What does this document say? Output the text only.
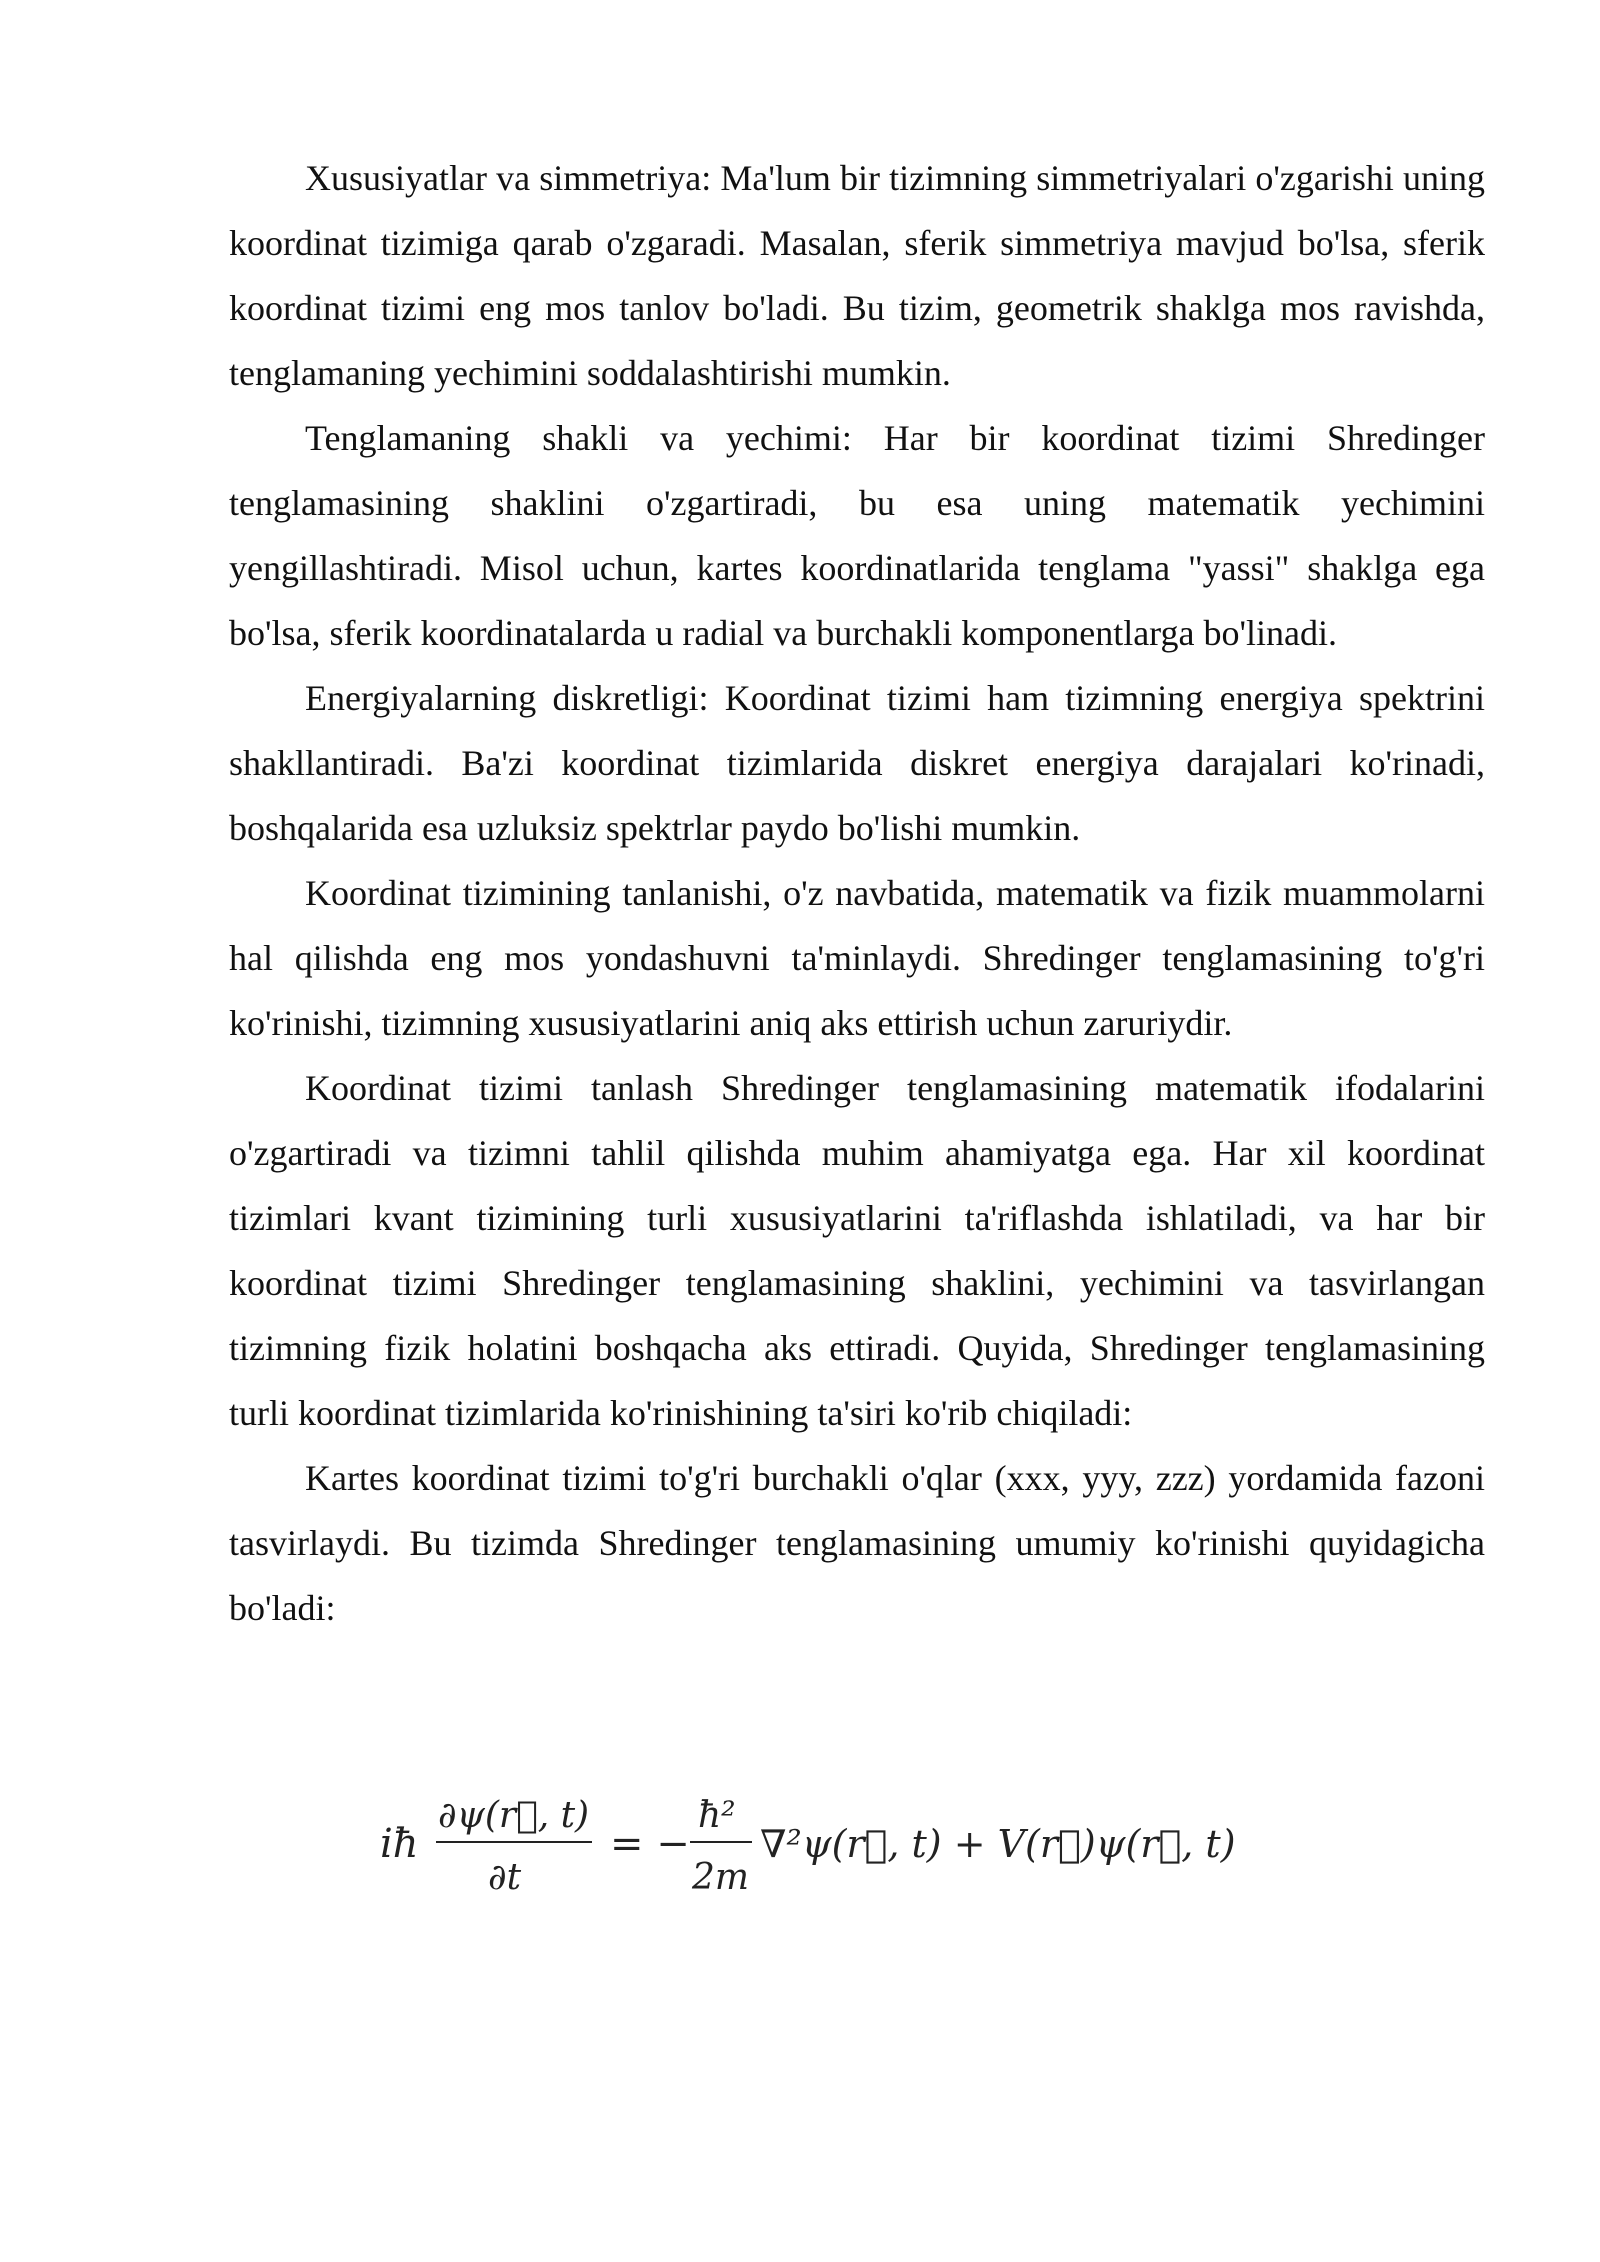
Xususiyatlar va simmetriya: Ma'lum bir tizimning simmetriyalari o'zgarishi uning koordinat tizimiga qarab o'zgaradi. Masalan, sferik simmetriya mavjud bo'lsa, sferik koordinat tizimi eng mos tanlov bo'ladi. Bu tizim, geometrik shaklga mos ravishda, tenglamaning yechimini soddalashtirishi mumkin.

Tenglamaning shakli va yechimi: Har bir koordinat tizimi Shredinger tenglamasining shaklini o'zgartiradi, bu esa uning matematik yechimini yengillashtiradi. Misol uchun, kartes koordinatlarida tenglama "yassi" shaklga ega bo'lsa, sferik koordinatalarda u radial va burchakli komponentlarga bo'linadi.

Energiyalarning diskretligi: Koordinat tizimi ham tizimning energiya spektrini shakllantiradi. Ba'zi koordinat tizimlarida diskret energiya darajalari ko'rinadi, boshqalarida esa uzluksiz spektrlar paydo bo'lishi mumkin.

Koordinat tizimining tanlanishi, o'z navbatida, matematik va fizik muammolarni hal qilishda eng mos yondashuvni ta'minlaydi. Shredinger tenglamasining to'g'ri ko'rinishi, tizimning xususiyatlarini aniq aks ettirish uchun zaruriydir.

Koordinat tizimi tanlash Shredinger tenglamasining matematik ifodalarini o'zgartiradi va tizimni tahlil qilishda muhim ahamiyatga ega. Har xil koordinat tizimlari kvant tizimining turli xususiyatlarini ta'riflashda ishlatiladi, va har bir koordinat tizimi Shredinger tenglamasining shaklini, yechimini va tasvirlangan tizimning fizik holatini boshqacha aks ettiradi. Quyida, Shredinger tenglamasining turli koordinat tizimlarida ko'rinishining ta'siri ko'rib chiqiladi:

Kartes koordinat tizimi to'g'ri burchakli o'qlar (xxx, yyy, zzz) yordamida fazoni tasvirlaydi. Bu tizimda Shredinger tenglamasining umumiy ko'rinishi quyidagicha bo'ladi:

iħ
∂ψ(r⃗, t)
∂t
= −
ħ²
2m
∇²ψ(r⃗, t) + V(r⃗)ψ(r⃗, t)
